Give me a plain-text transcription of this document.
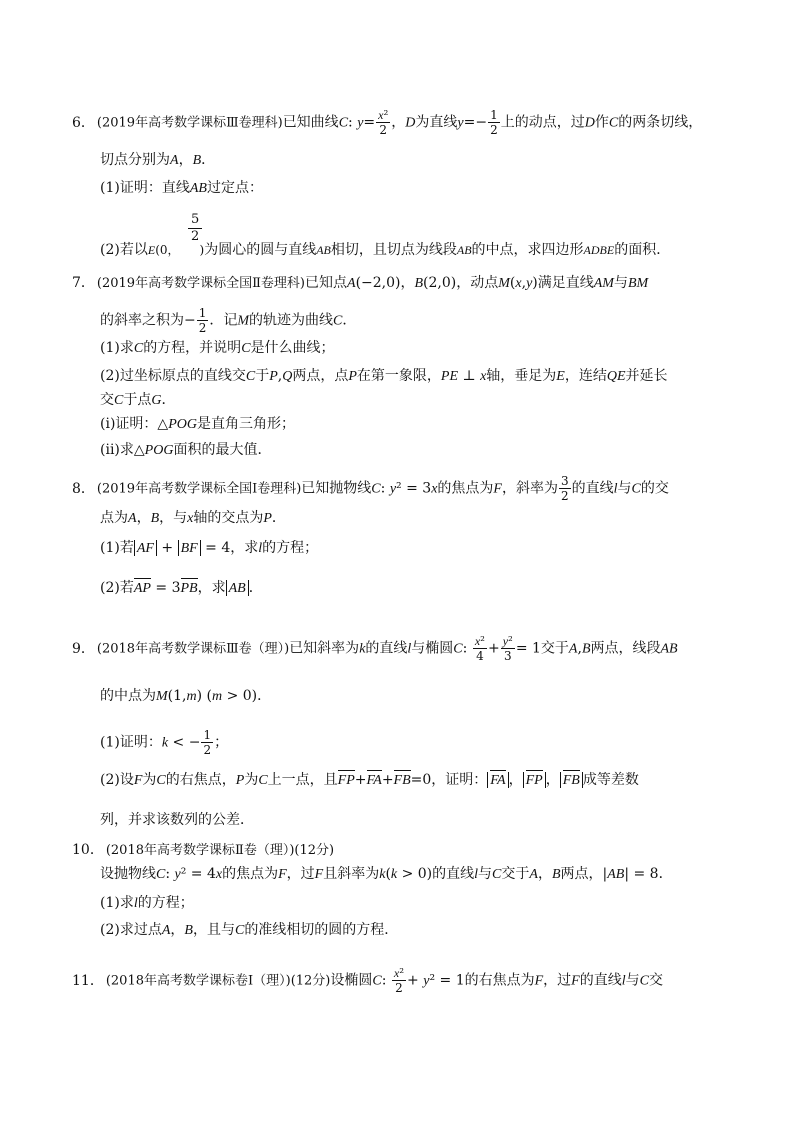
6． (2019年高考数学课标Ⅲ卷理科)已知曲线C: $y= \frac{\text{x²}}{2}$ ，D为直线$y=- \frac{1}{2}$ 上的动点，过D作C的两条切线，
切点分别为A，B．
(1)证明：直线AB过定点：
5
2
(2)若以E(0， )为圆心的圆与直线AB相切，且切点为线段AB的中点，求四边形ADBE的面积．
7． (2019年高考数学课标全国Ⅱ卷理科)已知点A(−2,0)，B(2,0)，动点M(x,y)满足直线AM与BM
的斜率之积为− $\frac{1}{2}$ ．记M的轨迹为曲线C．
(1)求C的方程，并说明C是什么曲线；
(2)过坐标原点的直线交C于P,Q两点，点P在第一象限，PE ⊥ x轴，垂足为E，连结QE并延长
交C于点G．
(i)证明：△POG是直角三角形；
(ii)求△POG面积的最大值．
8． (2019年高考数学课标全国Ⅰ卷理科)已知抛物线C: y² = 3x的焦点为F，斜率为 $\frac{3}{2}$ 的直线l与C的交
点为A，B，与x轴的交点为P．
(1)若 AF + BF = 4，求l的方程；
(2)若AP = 3PB，求 AB ．
9． (2018年高考数学课标Ⅲ卷（理）)已知斜率为k的直线l与椭圆C: $\frac{\text{x²}}{4} + \frac{\text{y²}}{3} = 1$交于A,B两点，线段AB
的中点为M(1,m) (m > 0)．
(1)证明：k < − $\frac{1}{2}$ ；
(2)设F为C的右焦点，P为C上一点，且FP+FA+FB=0，证明： FA ， FP ， FB 成等差数
列，并求该数列的公差．
10． (2018年高考数学课标Ⅱ卷（理）)(12分)
设抛物线C: y² = 4x的焦点为F，过F且斜率为k(k > 0)的直线l与C交于A，B两点，|AB| = 8．
(1)求l的方程；
(2)求过点A，B，且与C的准线相切的圆的方程．
11． (2018年高考数学课标卷Ⅰ（理）)(12分)设椭圆C: $\frac{\text{x²}}{2} + y^2 = 1$的右焦点为F，过F的直线l与C交
